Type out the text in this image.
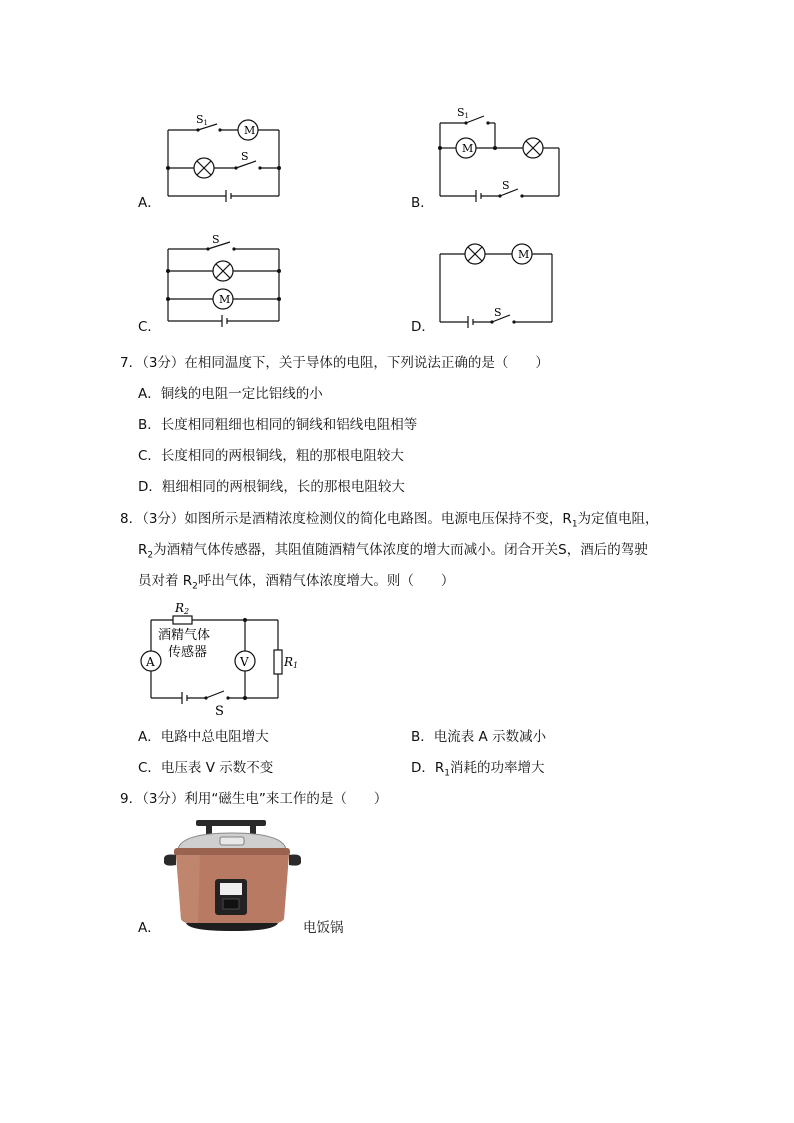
M
S1
S
A．
M
S1
S
B．
M
S
C．
M
S
D．
7．（3分）在相同温度下，关于导体的电阻，下列说法正确的是（　　）
A．铜线的电阻一定比铝线的小
B．长度相同粗细也相同的铜线和铝线电阻相等
C．长度相同的两根铜线，粗的那根电阻较大
D．粗细相同的两根铜线，长的那根电阻较大
8．（3分）如图所示是酒精浓度检测仪的简化电路图。电源电压保持不变，$R_1$为定值电阻，
$R_2$为酒精气体传感器，其阻值随酒精气体浓度的增大而减小。闭合开关S，酒后的驾驶
员对着 $R_2$呼出气体，酒精气体浓度增大。则（　　）
R2
酒精气体
传感器
A	V	R1
S
A．电路中总电阻增大	B．电流表 A 示数减小
C．电压表 V 示数不变	D．$R_1$消耗的功率增大
9．（3分）利用“磁生电”来工作的是（　　）
A．	电饭锅
